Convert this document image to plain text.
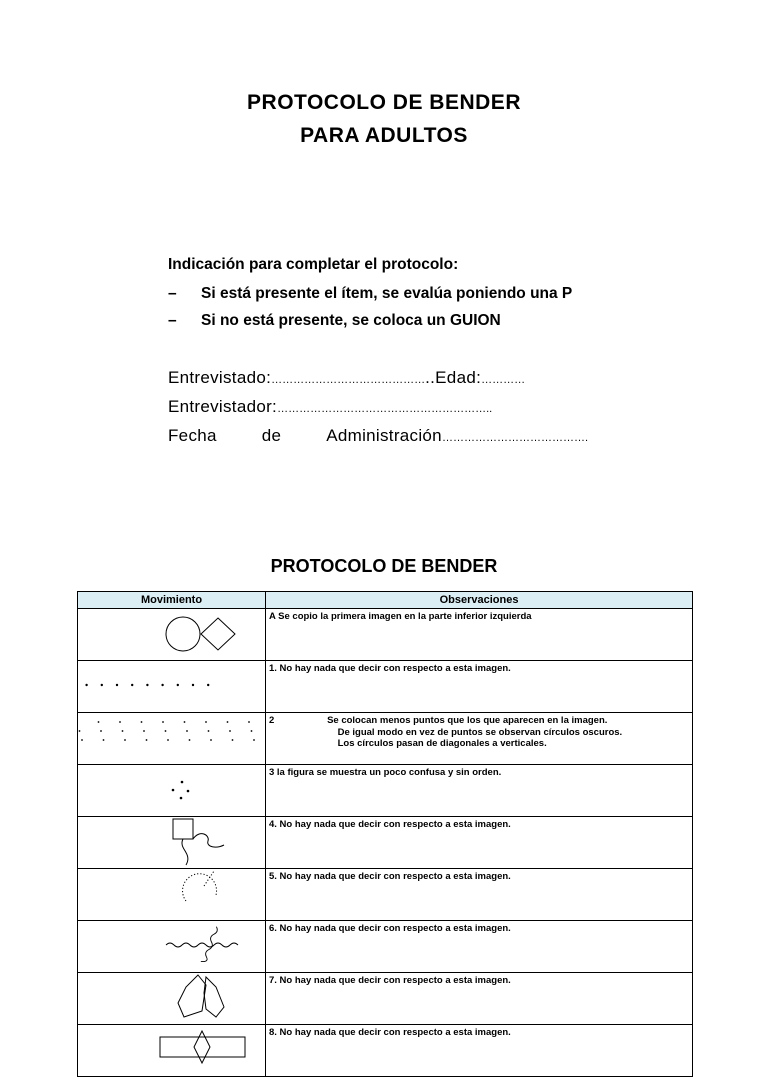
PROTOCOLO DE BENDER
PARA ADULTOS
Indicación para completar el protocolo:
–	Si está presente el ítem, se evalúa poniendo una P
–	Si no está presente, se coloca un GUION
Entrevistado:……………………………………..Edad:…………
Entrevistador:…………………………………………………..
Fecha	de	Administración………………………………….
PROTOCOLO DE BENDER
Movimiento	Observaciones

A Se copio la primera imagen en la parte inferior izquierda

1. No hay nada que decir con respecto a esta imagen.

2                    Se colocan menos puntos que los que aparecen en la imagen.
De igual modo en vez de puntos se observan círculos oscuros.
Los círculos pasan de diagonales a verticales.

3 la figura se muestra un poco confusa y sin orden.

4. No hay nada que decir con respecto a esta imagen.

5. No hay nada que decir con respecto a esta imagen.

6. No hay nada que decir con respecto a esta imagen.

7. No hay nada que decir con respecto a esta imagen.

8. No hay nada que decir con respecto a esta imagen.
